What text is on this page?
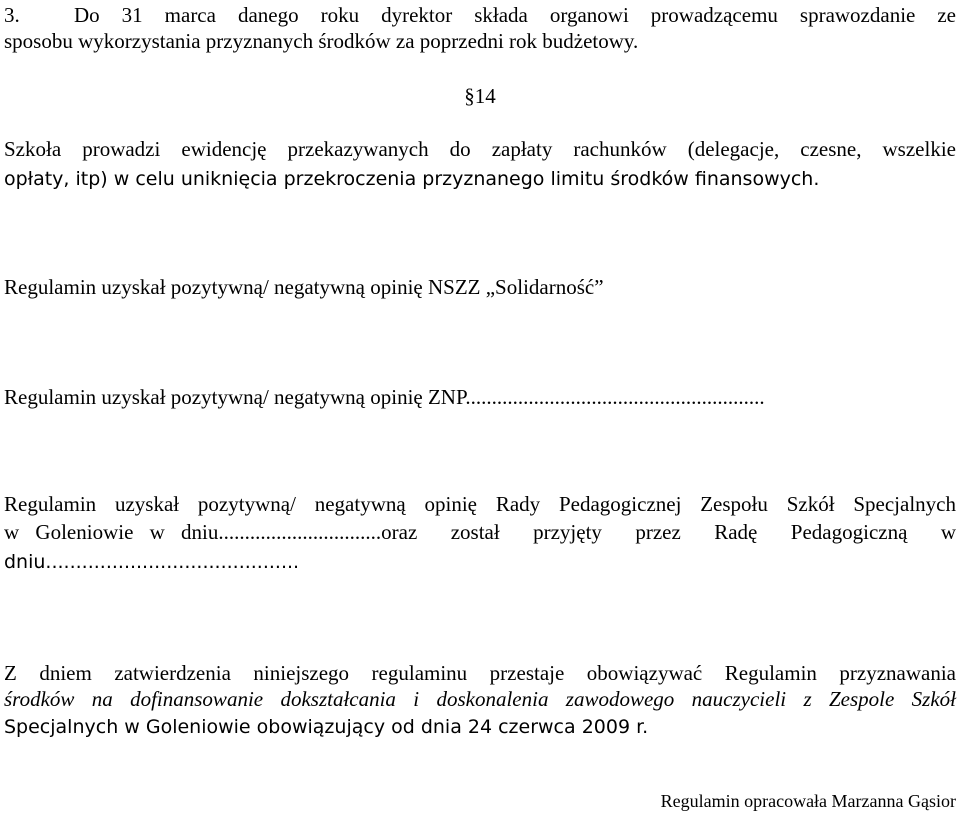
3.	Do 31 marca danego roku dyrektor składa organowi prowadzącemu sprawozdanie ze
sposobu wykorzystania przyznanych środków za poprzedni rok budżetowy.
§14
Szkoła prowadzi ewidencję przekazywanych do zapłaty rachunków (delegacje, czesne, wszelkie
opłaty, itp) w celu uniknięcia przekroczenia przyznanego limitu środków finansowych.
Regulamin uzyskał pozytywną/ negatywną opinię NSZZ „Solidarność”
Regulamin uzyskał pozytywną/ negatywną opinię ZNP.........................................................
Regulamin uzyskał pozytywną/ negatywną opinię Rady Pedagogicznej Zespołu Szkół Specjalnych
w Goleniowie w dniu ............................... oraz został przyjęty przez Radę Pedagogiczną w
dniu..........................................
Z dniem zatwierdzenia niniejszego regulaminu przestaje obowiązywać Regulamin przyznawania
środków na dofinansowanie dokształcania i doskonalenia zawodowego nauczycieli z Zespole Szkół
Specjalnych w Goleniowie obowiązujący od dnia 24 czerwca 2009 r.
Regulamin opracowała Marzanna Gąsior
